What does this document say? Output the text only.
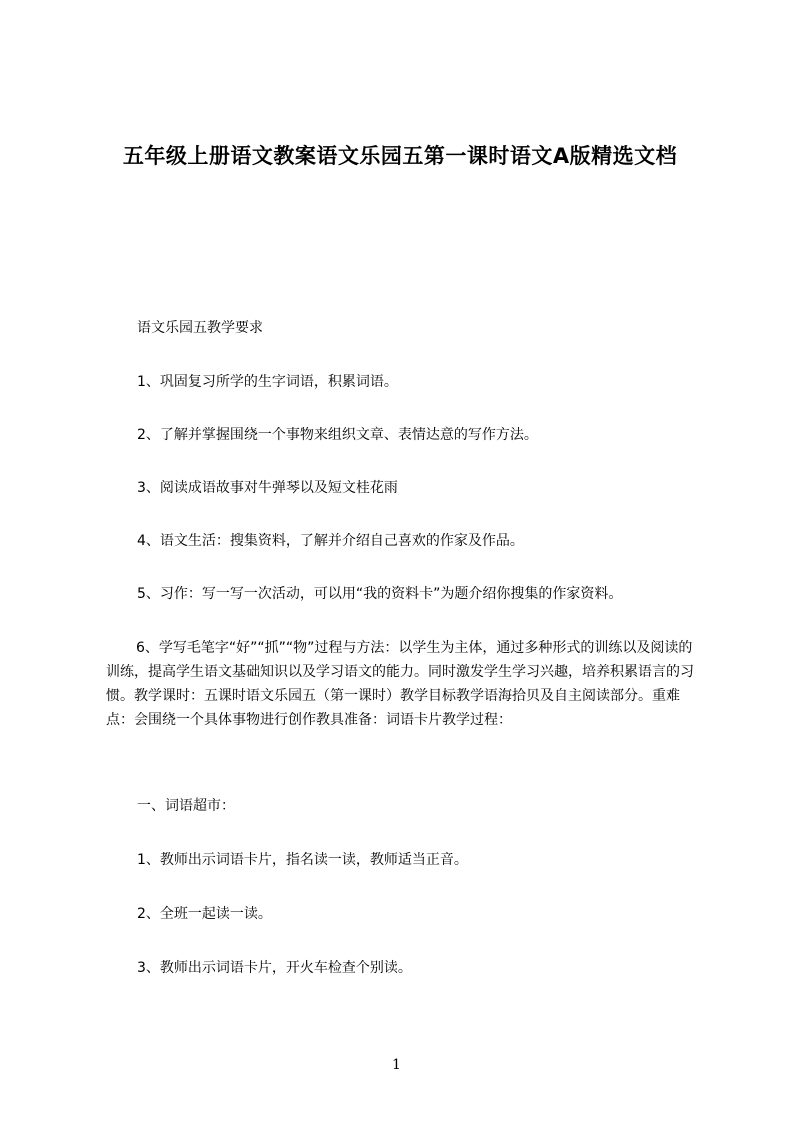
五年级上册语文教案语文乐园五第一课时语文A版精选文档
语文乐园五教学要求
1、巩固复习所学的生字词语，积累词语。
2、了解并掌握围绕一个事物来组织文章、表情达意的写作方法。
3、阅读成语故事对牛弹琴以及短文桂花雨
4、语文生活：搜集资料，了解并介绍自己喜欢的作家及作品。
5、习作：写一写一次活动，可以用“我的资料卡”为题介绍你搜集的作家资料。
6、学写毛笔字“好”“抓”“物”过程与方法：以学生为主体，通过多种形式的训练以及阅读的训练，提高学生语文基础知识以及学习语文的能力。同时激发学生学习兴趣，培养积累语言的习惯。教学课时：五课时语文乐园五（第一课时）教学目标教学语海拾贝及自主阅读部分。重难点：会围绕一个具体事物进行创作教具准备：词语卡片教学过程：
一、词语超市：
1、教师出示词语卡片，指名读一读，教师适当正音。
2、全班一起读一读。
3、教师出示词语卡片，开火车检查个别读。
1
